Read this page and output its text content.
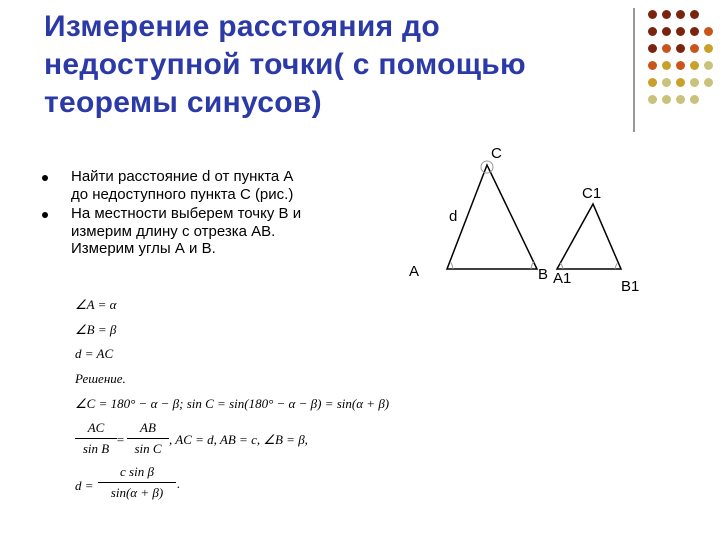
Измерение расстояния до
недоступной точки( с помощью
теоремы синусов)
Найти расстояние d от пункта А
до недоступного пункта С (рис.)
На местности выберем точку В и
измерим длину c отрезка АВ.
Измерим углы А и В.
C
d
A	B
C1
A1	B1
∠A = α
∠B = β
d = AC
Решение.
∠C = 180° − α − β; sin C = sin(180° − α − β) = sin(α + β)
AC
sin B
=
AB
sin C
, AC = d, AB = c, ∠B = β,
d =
c sin β
sin(α + β)
.
